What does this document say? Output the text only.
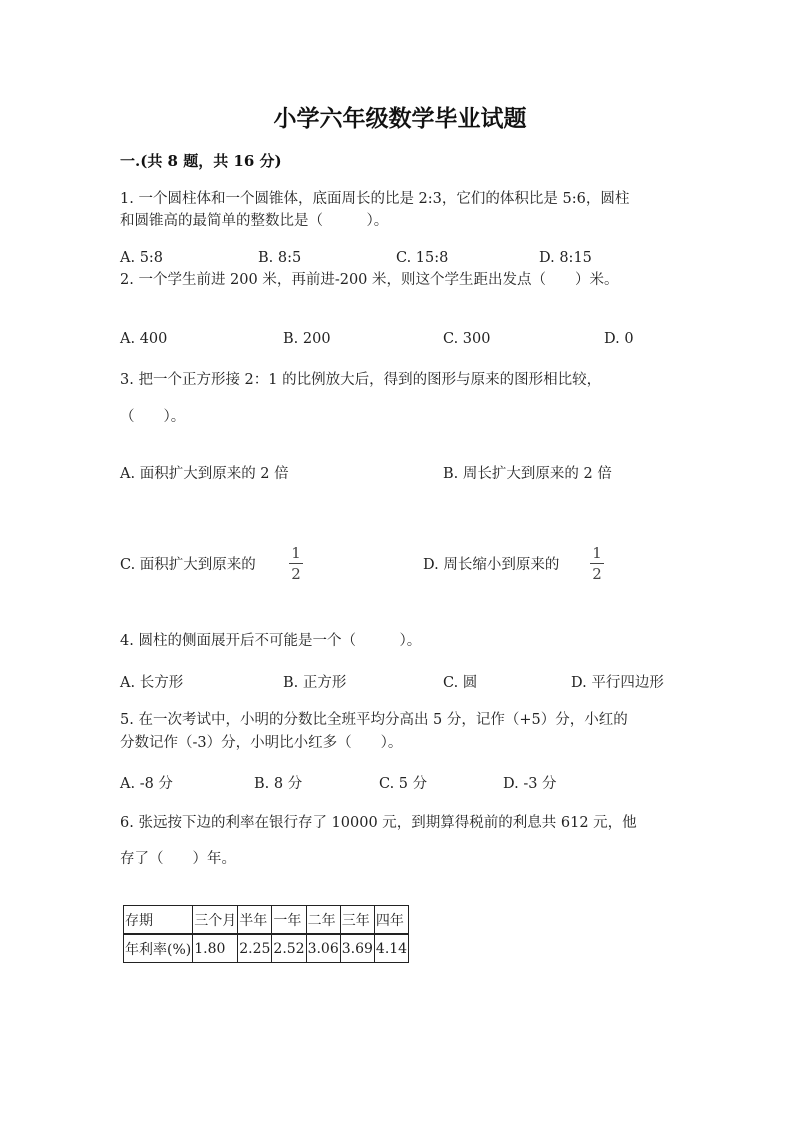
小学六年级数学毕业试题
一.(共 8 题，共 16 分)
1. 一个圆柱体和一个圆锥体，底面周长的比是 2:3，它们的体积比是 5:6，圆柱
和圆锥高的最简单的整数比是（　　　）。
A. 5:8	B. 8:5	C. 15:8	D. 8:15
2. 一个学生前进 200 米，再前进-200 米，则这个学生距出发点（　　）米。
A. 400	B. 200	C. 300	D. 0
3. 把一个正方形接 2：1 的比例放大后，得到的图形与原来的图形相比较，
（　　）。
A. 面积扩大到原来的 2 倍	B. 周长扩大到原来的 2 倍
C. 面积扩大到原来的
1
2	D. 周长缩小到原来的
1
2
4. 圆柱的侧面展开后不可能是一个（　　　）。
A. 长方形	B. 正方形	C. 圆	D. 平行四边形
5. 在一次考试中，小明的分数比全班平均分高出 5 分，记作（+5）分，小红的
分数记作（-3）分，小明比小红多（　　）。
A. -8 分	B. 8 分	C. 5 分	D. -3 分
6. 张远按下边的利率在银行存了 10000 元，到期算得税前的利息共 612 元，他
存了（　　）年。
存期	三个月	半年	一年	二年	三年	四年
年利率(%)	1.80	2.25	2.52	3.06	3.69	4.14
